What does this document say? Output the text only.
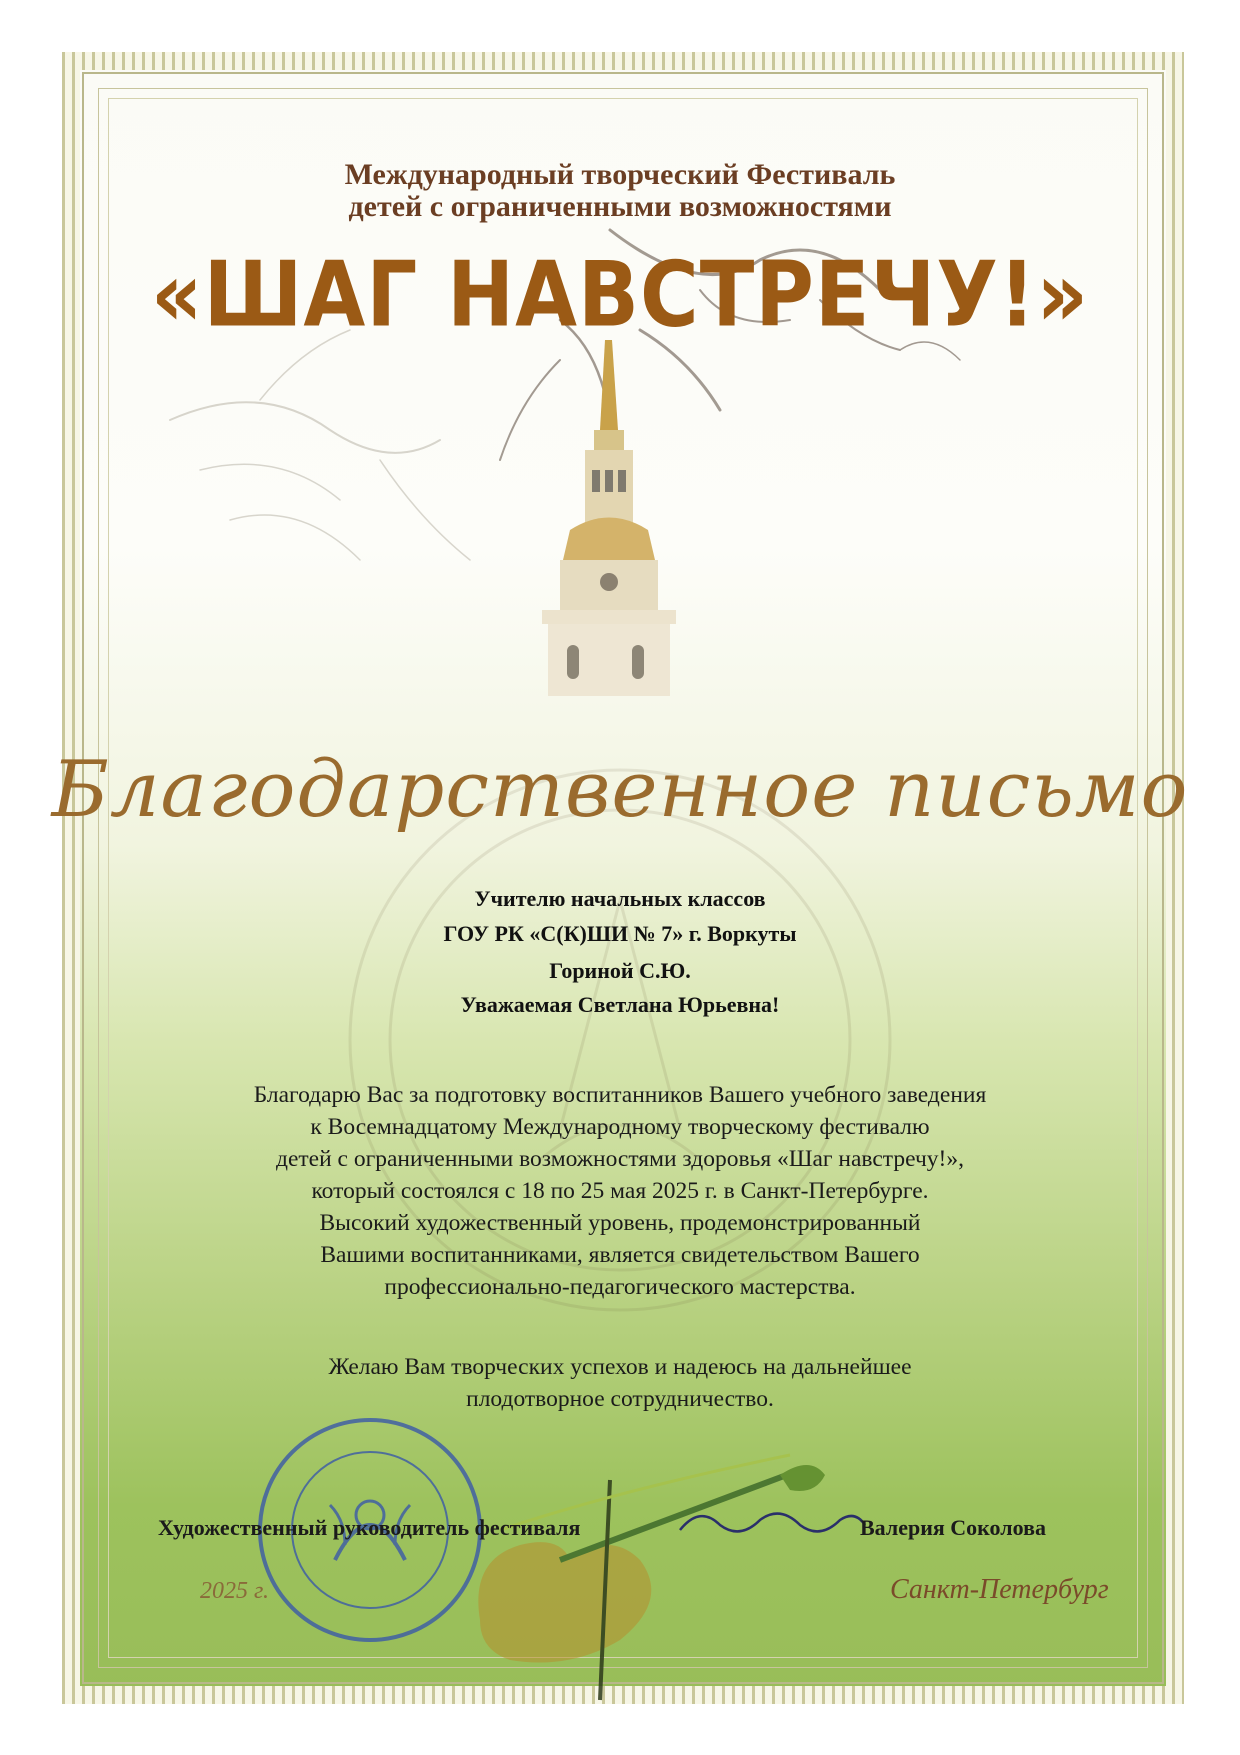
Международный творческий Фестиваль
детей с ограниченными возможностями
«ШАГ НАВСТРЕЧУ!»
Благодарственное письмо
Учителю начальных классов
ГОУ РК «С(К)ШИ № 7» г. Воркуты
Гориной С.Ю.
Уважаемая Светлана Юрьевна!
Благодарю Вас за подготовку воспитанников Вашего учебного заведения
к Восемнадцатому Международному творческому фестивалю
детей с ограниченными возможностями здоровья «Шаг навстречу!»,
который состоялся с 18 по 25 мая 2025 г. в Санкт-Петербурге.
Высокий художественный уровень, продемонстрированный
Вашими воспитанниками, является свидетельством Вашего
профессионально-педагогического мастерства.
Желаю Вам творческих успехов и надеюсь на дальнейшее
плодотворное сотрудничество.
Художественный руководитель фестиваля	Валерия Соколова
2025 г.	Санкт-Петербург
